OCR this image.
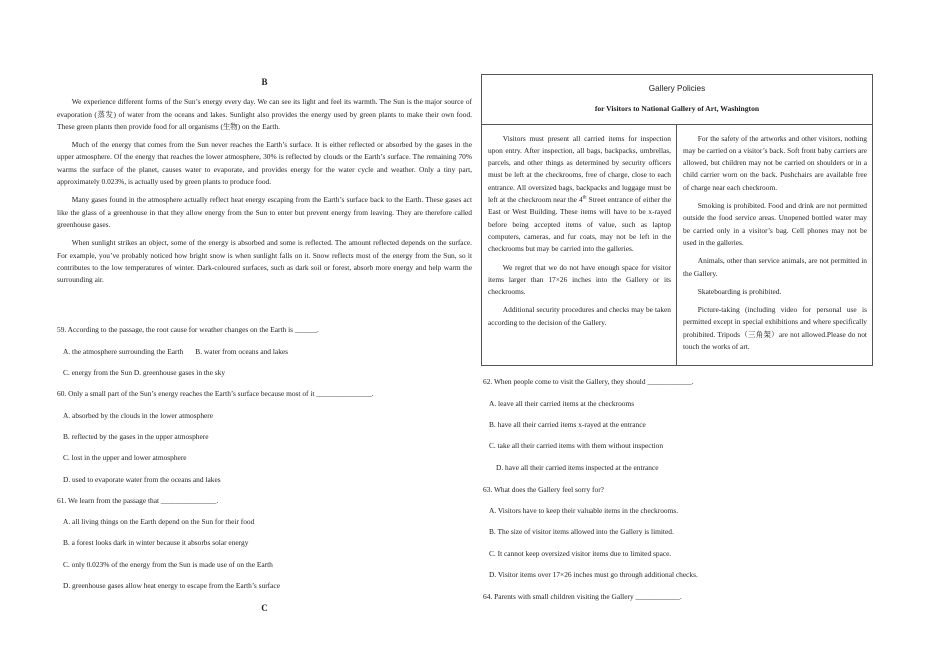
B

We experience different forms of the Sun’s energy every day. We can see its light and feel its warmth. The Sun is the major source of evaporation (蒸发) of water from the oceans and lakes. Sunlight also provides the energy used by green plants to make their own food. These green plants then provide food for all organisms (生物) on the Earth.

Much of the energy that comes from the Sun never reaches the Earth’s surface. It is either reflected or absorbed by the gases in the upper atmosphere. Of the energy that reaches the lower atmosphere, 30% is reflected by clouds or the Earth’s surface. The remaining 70% warms the surface of the planet, causes water to evaporate, and provides energy for the water cycle and weather. Only a tiny part, approximately 0.023%, is actually used by green plants to produce food.

Many gases found in the atmosphere actually reflect heat energy escaping from the Earth’s surface back to the Earth. These gases act like the glass of a greenhouse in that they allow energy from the Sun to enter but prevent energy from leaving. They are therefore called greenhouse gases.

When sunlight strikes an object, some of the energy is absorbed and some is reflected. The amount reflected depends on the surface. For example, you’ve probably noticed how bright snow is when sunlight falls on it. Snow reflects most of the energy from the Sun, so it contributes to the low temperatures of winter. Dark-coloured surfaces, such as dark soil or forest, absorb more energy and help warm the surrounding air.

59. According to the passage, the root cause for weather changes on the Earth is ______.
A. the atmosphere surrounding the Earth B. water from oceans and lakes
C. energy from the Sun D. greenhouse gases in the sky
60. Only a small part of the Sun’s energy reaches the Earth’s surface because most of it _______________.
A. absorbed by the clouds in the lower atmosphere
B. reflected by the gases in the upper atmosphere
C. lost in the upper and lower atmosphere
D. used to evaporate water from the oceans and lakes
61. We learn from the passage that _______________.
A. all living things on the Earth depend on the Sun for their food
B. a forest looks dark in winter because it absorbs solar energy
C. only 0.023% of the energy from the Sun is made use of on the Earth
D. greenhouse gases allow heat energy to escape from the Earth’s surface
C
Gallery Policies
for Visitors to National Gallery of Art, Washington

Visitors must present all carried items for inspection upon entry. After inspection, all bags, backpacks, umbrellas, parcels, and other things as determined by security officers must be left at the checkrooms, free of charge, close to each entrance. All oversized bags, backpacks and luggage must be left at the checkroom near the 4th Street entrance of either the East or West Building. These items will have to be x-rayed before being accepted items of value, such as laptop computers, cameras, and fur coats, may not be left in the checkrooms but may be carried into the galleries.

We regret that we do not have enough space for visitor items larger than 17×26 inches into the Gallery or its checkrooms.

Additional security procedures and checks may be taken according to the decision of the Gallery.

For the safety of the artworks and other visitors, nothing may be carried on a visitor’s back. Soft front baby carriers are allowed, but children may not be carried on shoulders or in a child carrier worn on the back. Pushchairs are available free of charge near each checkroom.

Smoking is prohibited. Food and drink are not permitted outside the food service areas. Unopened bottled water may be carried only in a visitor’s bag. Cell phones may not be used in the galleries.

Animals, other than service animals, are not permitted in the Gallery.

Skateboarding is prohibited.

Picture-taking (including video for personal use is permitted except in special exhibitions and where specifically prohibited. Tripods（三角架）are not allowed.Please do not touch the works of art.

62. When people come to visit the Gallery, they should ____________.
A. leave all their carried items at the checkrooms
B. have all their carried items x-rayed at the entrance
C. take all their carried items with them without inspection
D. have all their carried items inspected at the entrance
63. What does the Gallery feel sorry for?
A. Visitors have to keep their valuable items in the checkrooms.
B. The size of visitor items allowed into the Gallery is limited.
C. It cannot keep oversized visitor items due to limited space.
D. Visitor items over 17×26 inches must go through additional checks.
64. Parents with small children visiting the Gallery ____________.
